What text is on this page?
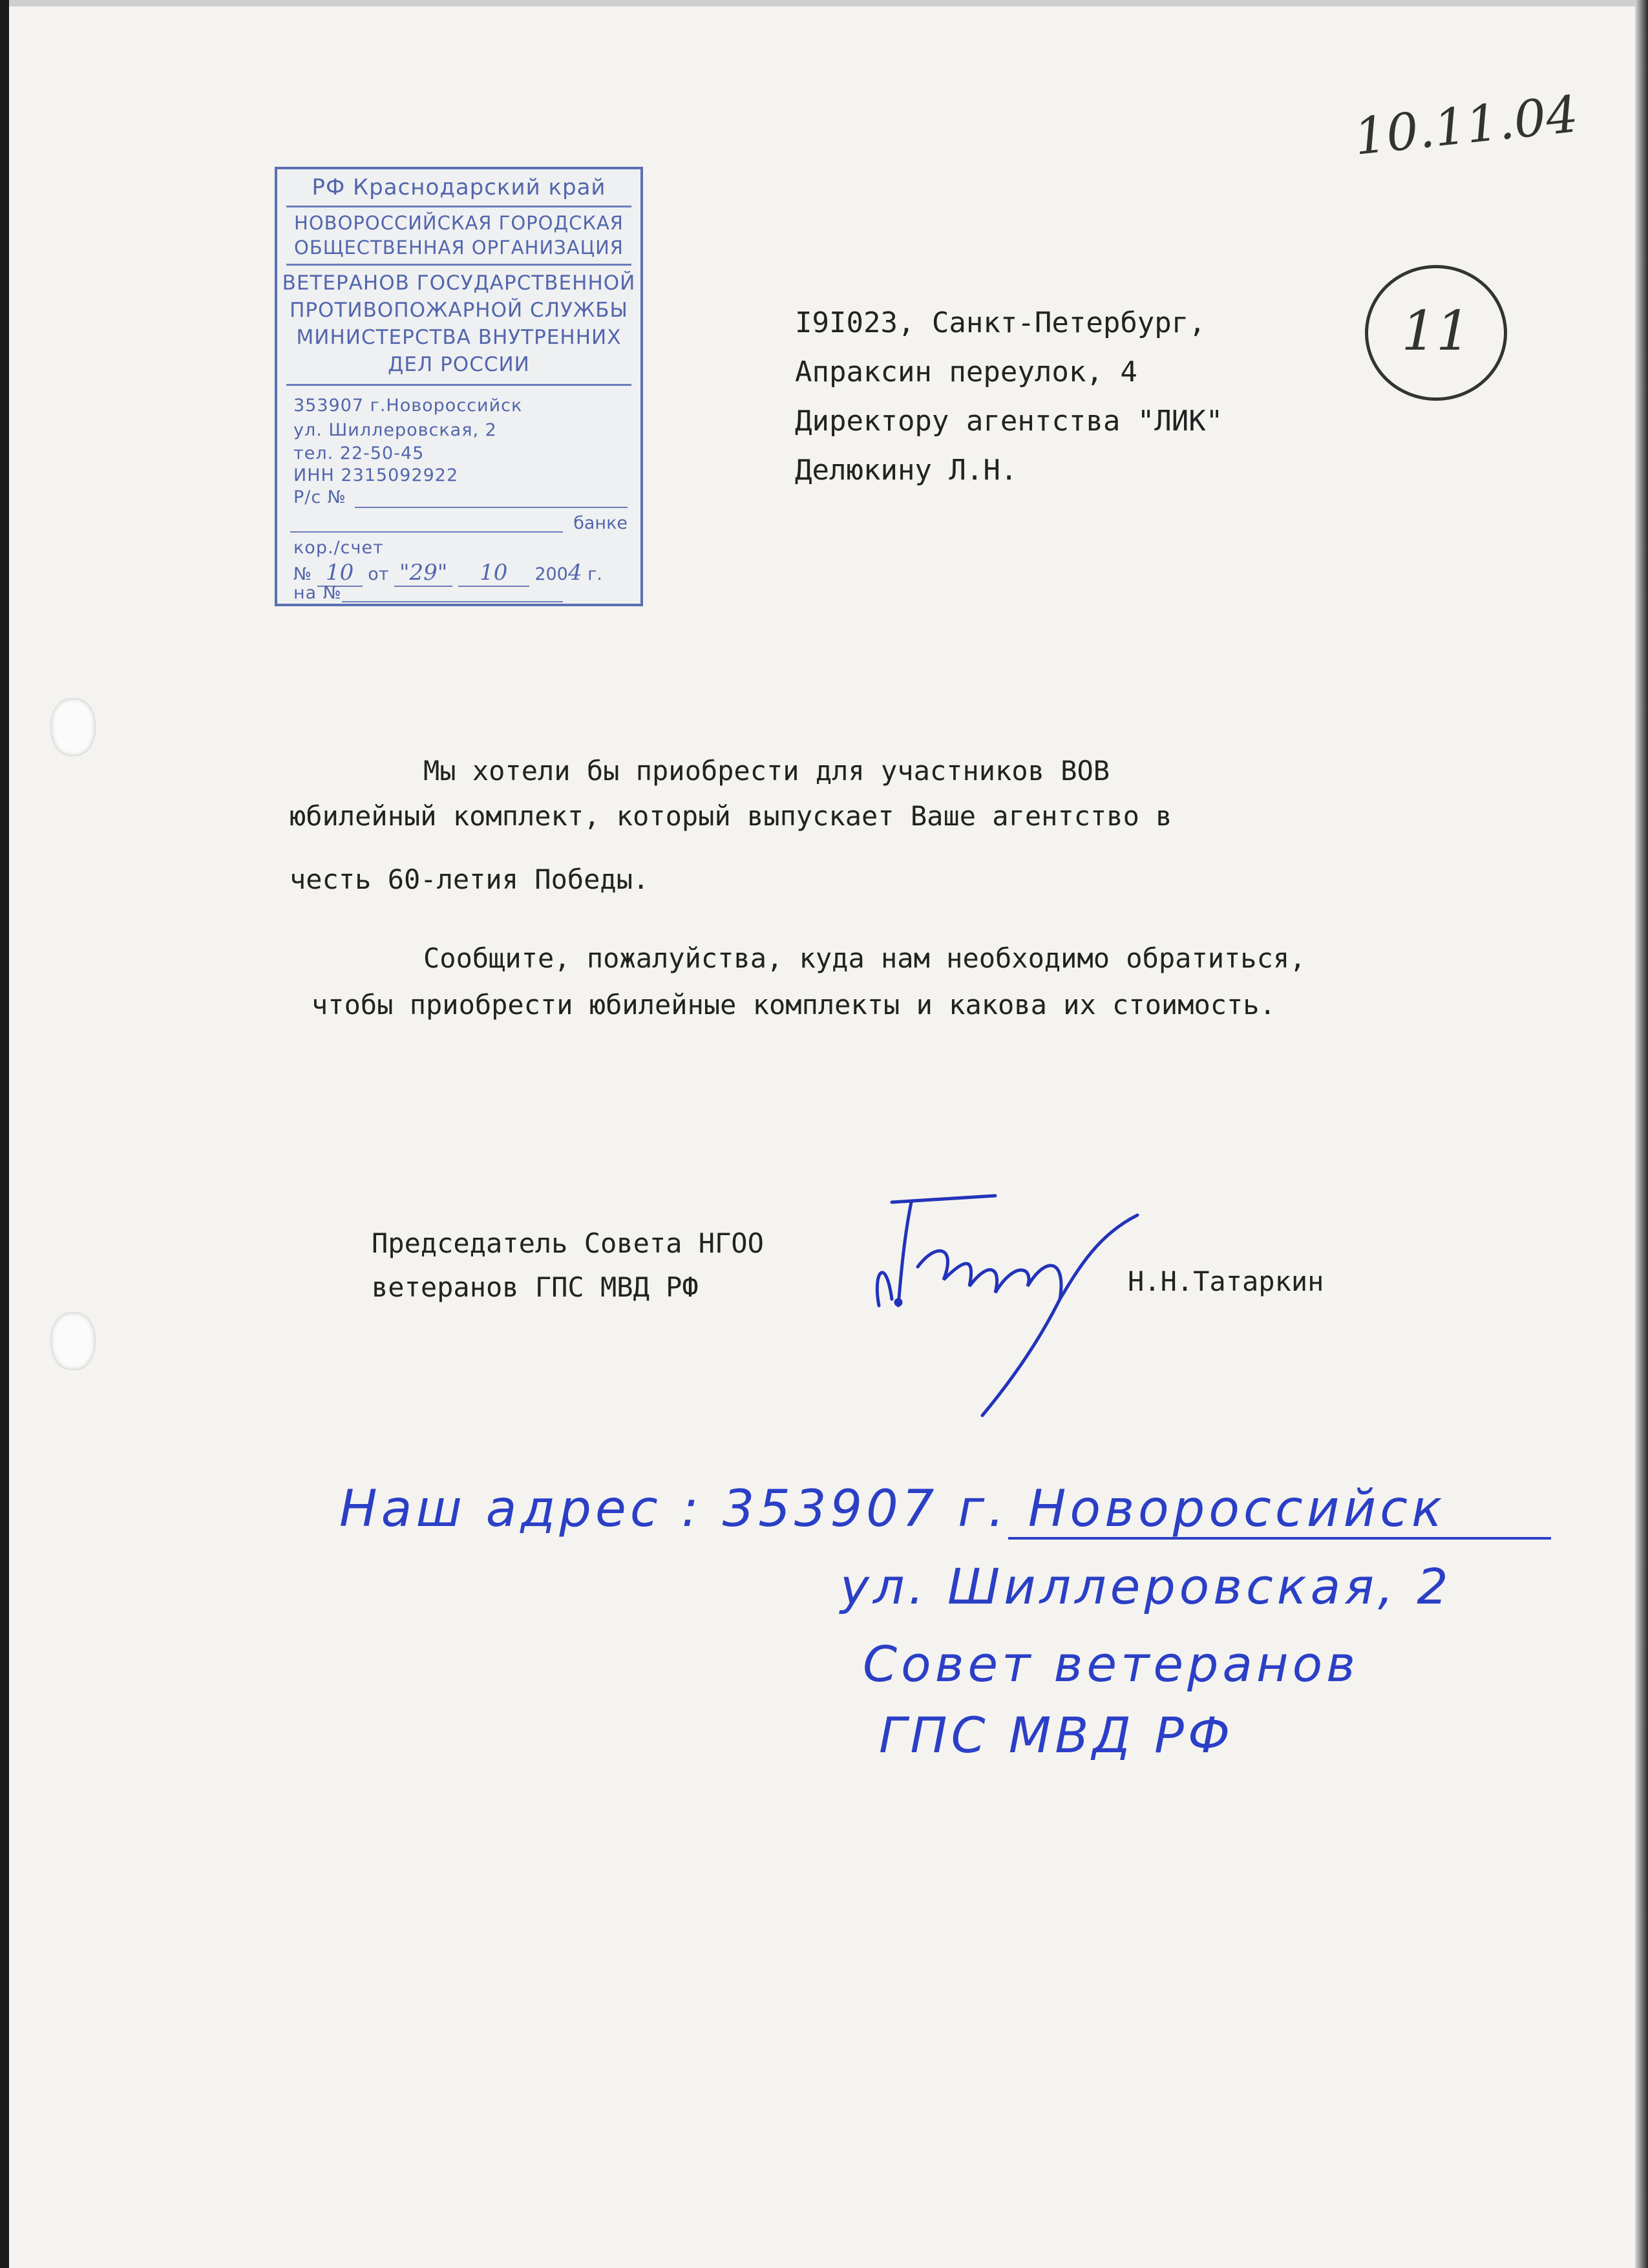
10.11.04
11
РФ Краснодарский край
НОВОРОССИЙСКАЯ ГОРОДСКАЯ
ОБЩЕСТВЕННАЯ ОРГАНИЗАЦИЯ
ВЕТЕРАНОВ ГОСУДАРСТВЕННОЙ
ПРОТИВОПОЖАРНОЙ СЛУЖБЫ
МИНИСТЕРСТВА ВНУТРЕННИХ
ДЕЛ РОССИИ
353907 г.Новороссийск
ул. Шиллеровская, 2
тел. 22-50-45
ИНН 2315092922
Р/с №
банке
кор./счет
№ 10 от "29" 10 2004 г.
на №
I9I023, Санкт-Петербург,
Апраксин переулок, 4
Директору агентства "ЛИК"
Делюкину Л.Н.
Мы хотели бы приобрести для участников ВОВ
юбилейный комплект, который выпускает Ваше агентство в
честь 60-летия Победы.
Сообщите, пожалуйства, куда нам необходимо обратиться,
чтобы приобрести юбилейные комплекты и какова их стоимость.
Председатель Совета НГОО
ветеранов ГПС МВД РФ	Н.Н.Татаркин
Наш адрес : 353907 г. Новороссийск
ул. Шиллеровская, 2
Совет ветеранов
ГПС МВД РФ
